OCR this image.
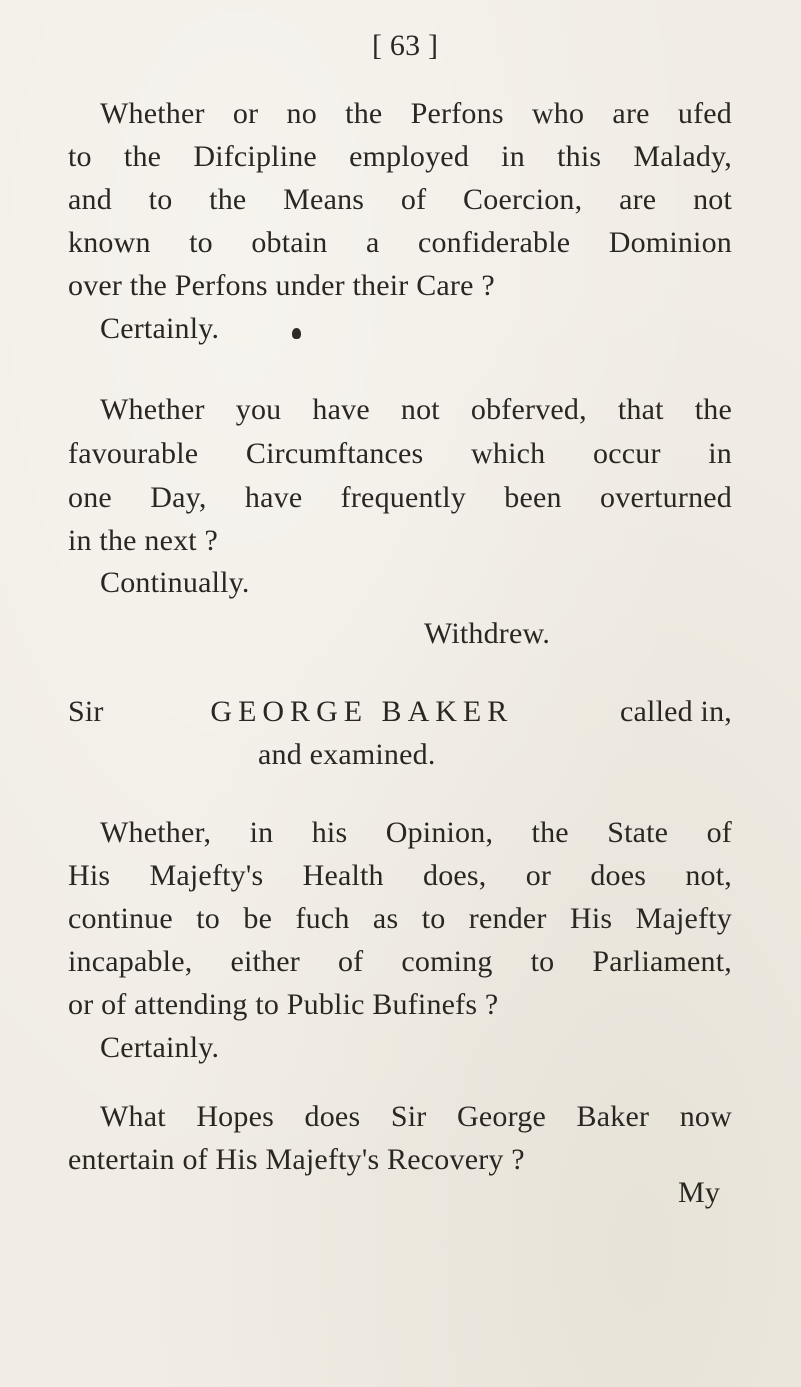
[ 63 ]
Whether or no the Perfons who are ufed
to the Difcipline employed in this Malady,
and to the Means of Coercion, are not
known to obtain a confiderable Dominion
over the Perfons under their Care ?
Certainly.
Whether you have not obferved, that the
favourable Circumftances which occur in
one Day, have frequently been overturned
in the next ?
Continually.
Withdrew.
Sir	GEORGE BAKER	called in,
and examined.
Whether, in his Opinion, the State of
His Majefty's Health does, or does not,
continue to be fuch as to render His Majefty
incapable, either of coming to Parliament,
or of attending to Public Bufinefs ?
Certainly.
What Hopes does Sir George Baker now
entertain of His Majefty's Recovery ?
My
